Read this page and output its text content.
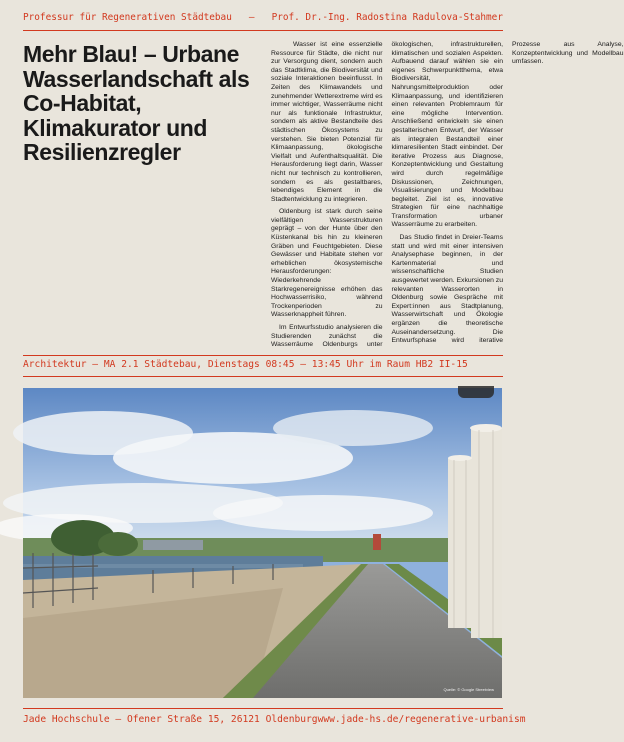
Professur für Regenerativen Städtebau — Prof. Dr.-Ing. Radostina Radulova-Stahmer
Mehr Blau! – Urbane Wasserlandschaft als Co-Habitat, Klimakurator und Resilienzregler

Wasser ist eine essenzielle Ressource für Städte, die nicht nur zur Versorgung dient, sondern auch das Stadtklima, die Biodiversität und soziale Interaktionen beeinflusst. In Zeiten des Klimawandels und zunehmender Wetterextreme wird es immer wichtiger, Wasserräume nicht nur als funktionale Infrastruktur, sondern als aktive Bestandteile des städtischen Ökosystems zu verstehen. Sie bieten Potenzial für Klimaanpassung, ökologische Vielfalt und Aufenthaltsqualität. Die Herausforderung liegt darin, Wasser nicht nur technisch zu kontrollieren, sondern es als gestaltbares, lebendiges Element in die Stadtentwicklung zu integrieren.

Oldenburg ist stark durch seine vielfältigen Wasserstrukturen geprägt – von der Hunte über den Küstenkanal bis hin zu kleineren Gräben und Feuchtgebieten. Diese Gewässer und Habitate stehen vor erheblichen ökosystemische Herausforderungen: Wiederkehrende Starkregenereignisse erhöhen das Hochwasserrisiko, während Trockenperioden zu Wasserknappheit führen.

Im Entwurfsstudio analysieren die Studierenden zunächst die Wasserräume Oldenburgs unter ökologischen, infrastrukturellen, klimatischen und sozialen Aspekten. Aufbauend darauf wählen sie ein eigenes Schwerpunktthema, etwa Biodiversität, Nahrungsmittelproduktion oder Klimaanpassung, und identifizieren einen relevanten Problemraum für eine mögliche Intervention. Anschließend entwickeln sie einen gestalterischen Entwurf, der Wasser als integralen Bestandteil einer klimaresilienten Stadt einbindet. Der iterative Prozess aus Diagnose, Konzeptentwicklung und Gestaltung wird durch regelmäßige Diskussionen, Zeichnungen, Visualisierungen und Modellbau begleitet. Ziel ist es, innovative Strategien für eine nachhaltige Transformation urbaner Wasserräume zu erarbeiten.

Das Studio findet in Dreier-Teams statt und wird mit einer intensiven Analysephase beginnen, in der Kartenmaterial und wissenschaftliche Studien ausgewertet werden. Exkursionen zu relevanten Wasserorten in Oldenburg sowie Gespräche mit Expert:innen aus Stadtplanung, Wasserwirtschaft und Ökologie ergänzen die theoretische Auseinandersetzung. Die Entwurfsphase wird iterative Prozesse aus Analyse, Konzeptentwicklung und Modellbau umfassen.

Architektur — MA 2.1 Städtebau, Dienstags 08:45 — 13:45 Uhr im Raum HB2 II-15
Quelle: © Google Streetview
Jade Hochschule — Ofener Straße 15, 26121 Oldenburg www.jade-hs.de/regenerative-urbanism
